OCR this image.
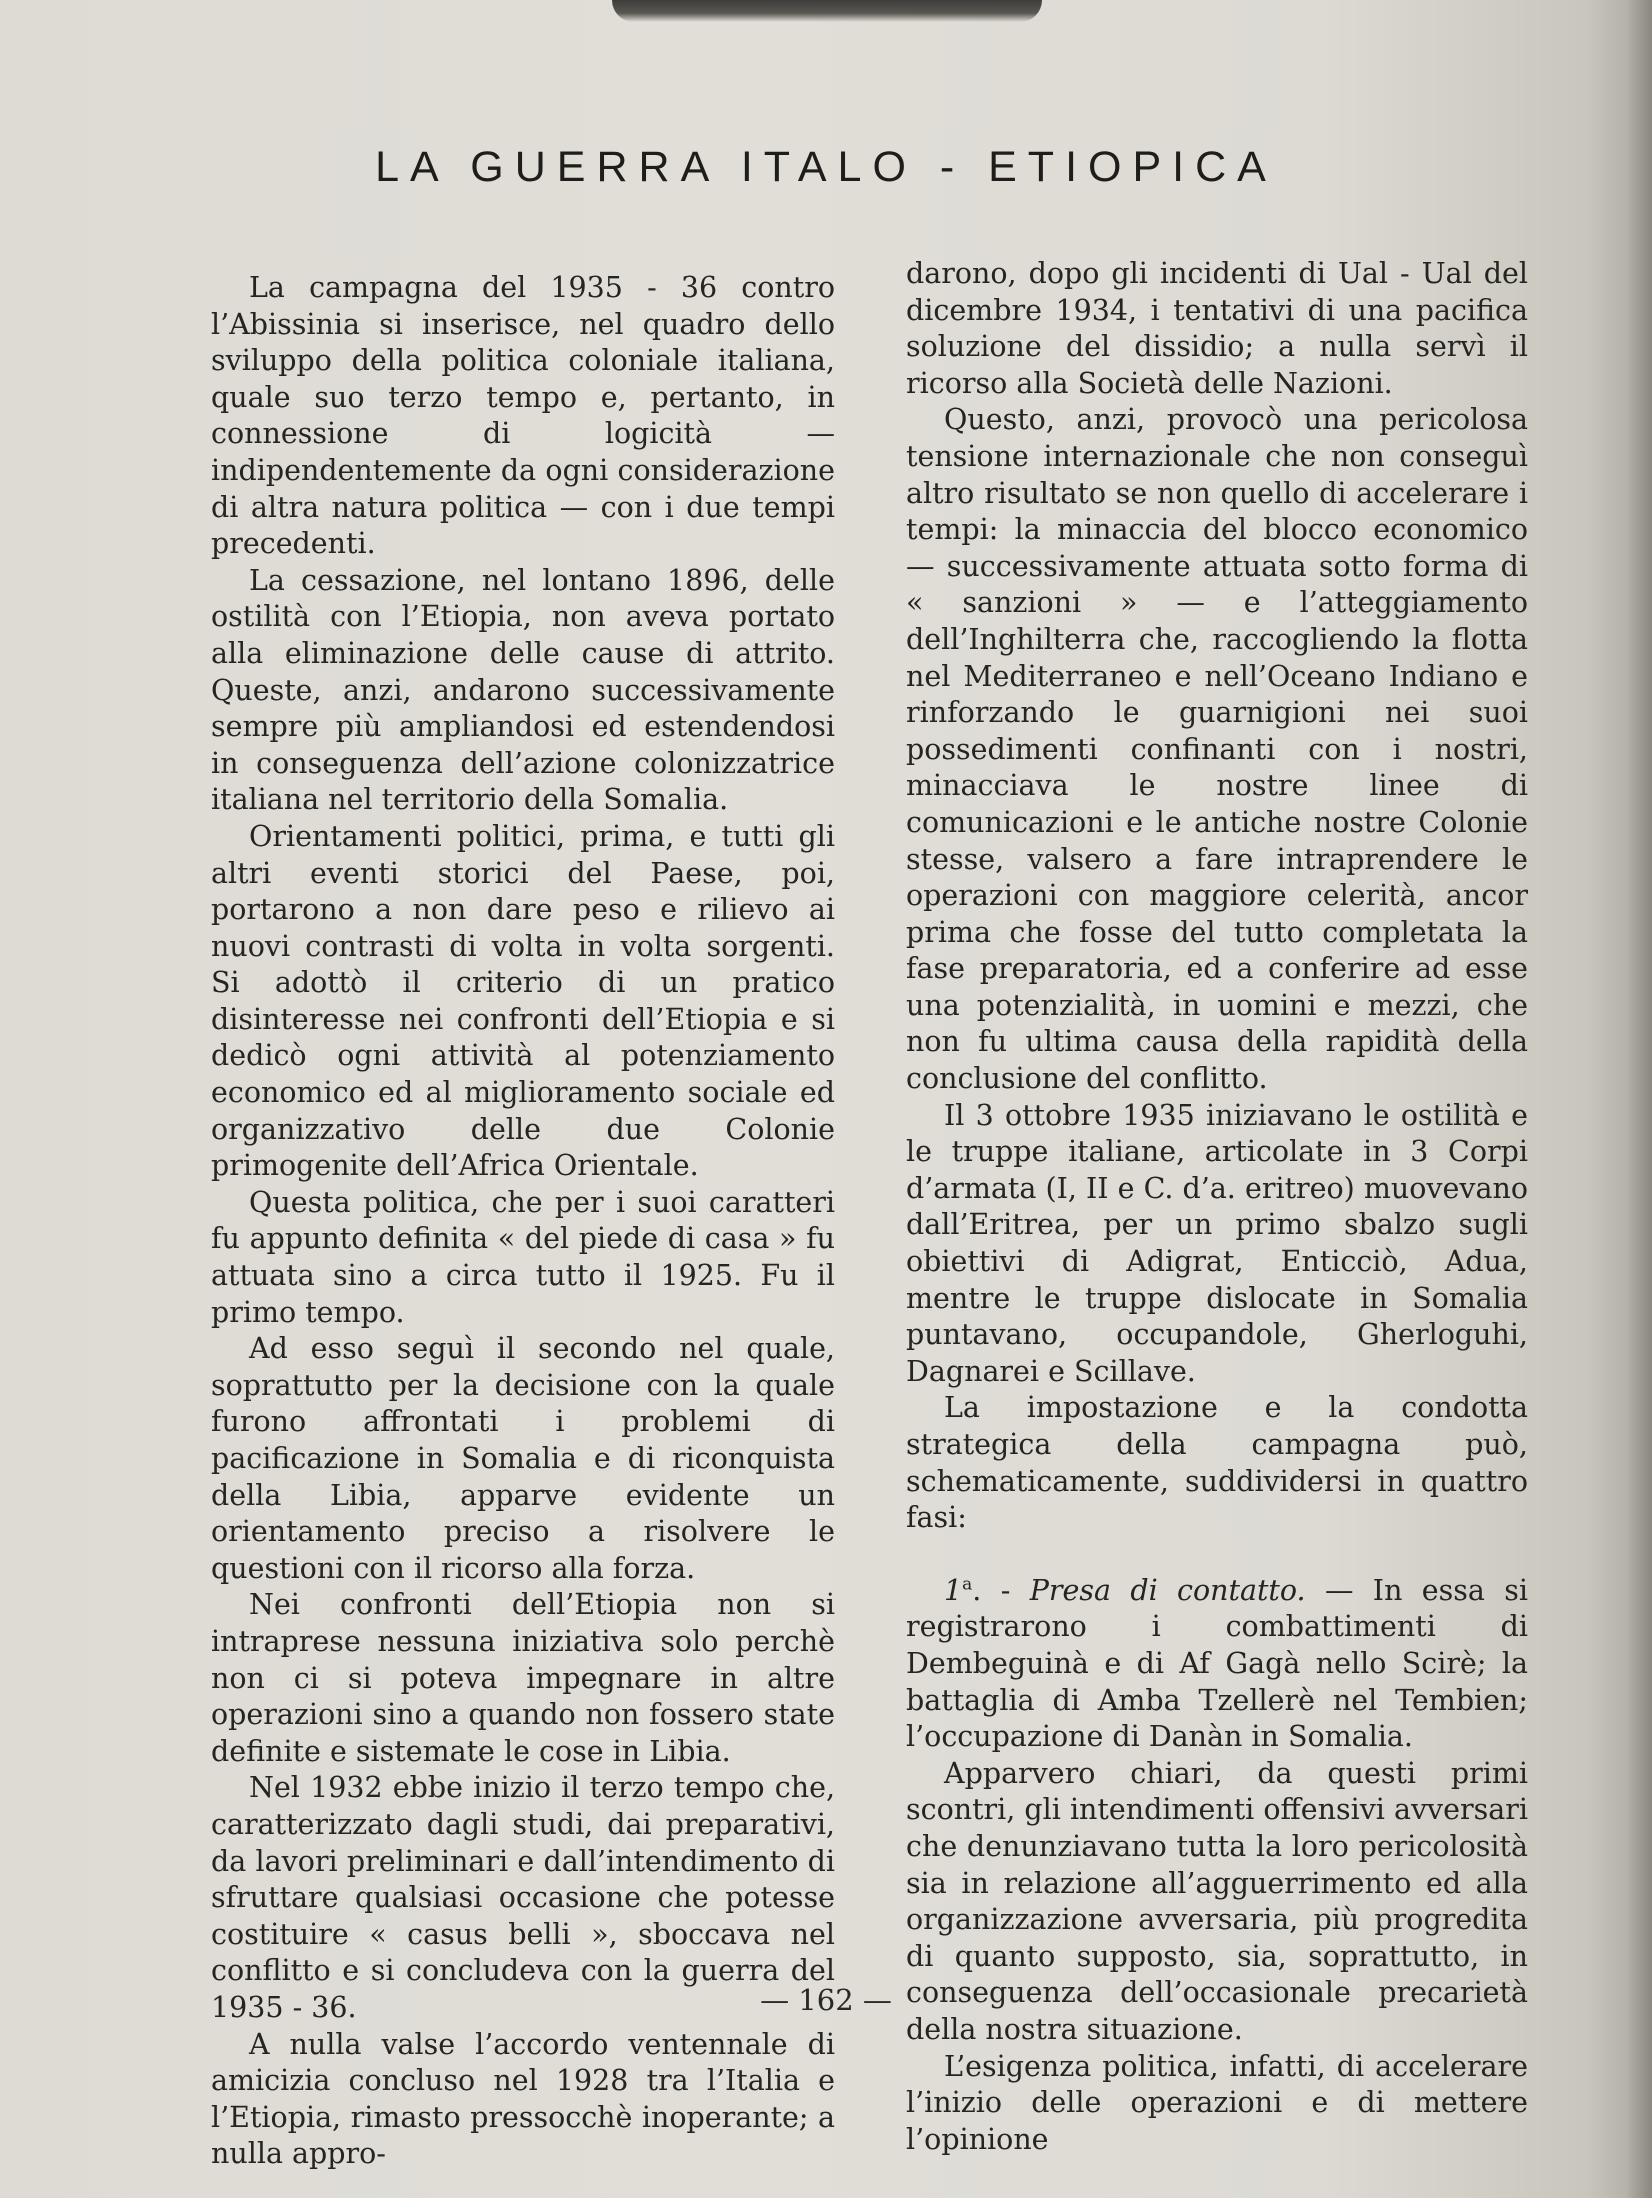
LA GUERRA ITALO - ETIOPICA

La campagna del 1935 - 36 contro l’Abissinia si inserisce, nel quadro dello sviluppo della politica coloniale italiana, quale suo terzo tempo e, pertanto, in connessione di logicità — indipendentemente da ogni considerazione di altra natura politica — con i due tempi precedenti.

La cessazione, nel lontano 1896, delle ostilità con l’Etiopia, non aveva portato alla eliminazione delle cause di attrito. Queste, anzi, andarono successivamente sempre più ampliandosi ed estendendosi in conseguenza dell’azione colonizzatrice italiana nel territorio della Somalia.

Orientamenti politici, prima, e tutti gli altri eventi storici del Paese, poi, portarono a non dare peso e rilievo ai nuovi contrasti di volta in volta sorgenti. Si adottò il criterio di un pratico disinteresse nei confronti dell’Etiopia e si dedicò ogni attività al potenziamento economico ed al miglioramento sociale ed organizzativo delle due Colonie primogenite dell’Africa Orientale.

Questa politica, che per i suoi caratteri fu appunto definita « del piede di casa » fu attuata sino a circa tutto il 1925. Fu il primo tempo.

Ad esso seguì il secondo nel quale, soprattutto per la decisione con la quale furono affrontati i problemi di pacificazione in Somalia e di riconquista della Libia, apparve evidente un orientamento preciso a risolvere le questioni con il ricorso alla forza.

Nei confronti dell’Etiopia non si intraprese nessuna iniziativa solo perchè non ci si poteva impegnare in altre operazioni sino a quando non fossero state definite e sistemate le cose in Libia.

Nel 1932 ebbe inizio il terzo tempo che, caratterizzato dagli studi, dai preparativi, da lavori preliminari e dall’intendimento di sfruttare qualsiasi occasione che potesse costituire « casus belli », sboccava nel conflitto e si concludeva con la guerra del 1935 - 36.

A nulla valse l’accordo ventennale di amicizia concluso nel 1928 tra l’Italia e l’Etiopia, rimasto pressocchè inoperante; a nulla appro-

darono, dopo gli incidenti di Ual - Ual del dicembre 1934, i tentativi di una pacifica soluzione del dissidio; a nulla servì il ricorso alla Società delle Nazioni.

Questo, anzi, provocò una pericolosa tensione internazionale che non conseguì altro risultato se non quello di accelerare i tempi: la minaccia del blocco economico — successivamente attuata sotto forma di « sanzioni » — e l’atteggiamento dell’Inghilterra che, raccogliendo la flotta nel Mediterraneo e nell’Oceano Indiano e rinforzando le guarnigioni nei suoi possedimenti confinanti con i nostri, minacciava le nostre linee di comunicazioni e le antiche nostre Colonie stesse, valsero a fare intraprendere le operazioni con maggiore celerità, ancor prima che fosse del tutto completata la fase preparatoria, ed a conferire ad esse una potenzialità, in uomini e mezzi, che non fu ultima causa della rapidità della conclusione del conflitto.

Il 3 ottobre 1935 iniziavano le ostilità e le truppe italiane, articolate in 3 Corpi d’armata (I, II e C. d’a. eritreo) muovevano dall’Eritrea, per un primo sbalzo sugli obiettivi di Adigrat, Enticciò, Adua, mentre le truppe dislocate in Somalia puntavano, occupandole, Gherloguhi, Dagnarei e Scillave.

La impostazione e la condotta strategica della campagna può, schematicamente, suddividersi in quattro fasi:

1$^a$. - Presa di contatto. — In essa si registrarono i combattimenti di Dembeguinà e di Af Gagà nello Scirè; la battaglia di Amba Tzellerè nel Tembien; l’occupazione di Danàn in Somalia.

Apparvero chiari, da questi primi scontri, gli intendimenti offensivi avversari che denunziavano tutta la loro pericolosità sia in relazione all’agguerrimento ed alla organizzazione avversaria, più progredita di quanto supposto, sia, soprattutto, in conseguenza dell’occasionale precarietà della nostra situazione.

L’esigenza politica, infatti, di accelerare l’inizio delle operazioni e di mettere l’opinione

— 162 —
